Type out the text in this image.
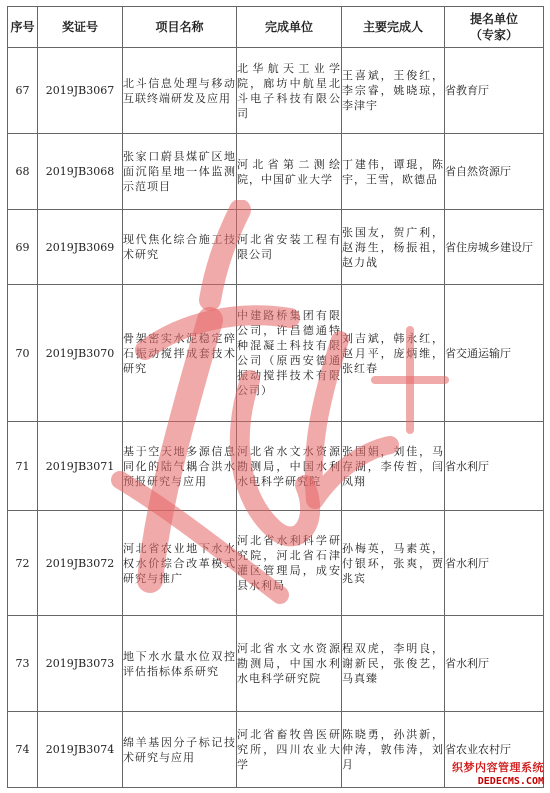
序号	奖证号	项目名称	完成单位	主要完成人	提名单位
（专家）

67	2019JB3067	北斗信息处理与移动互联终端研发及应用	北华航天工业学院，廊坊中航星北斗电子科技有限公司	王喜斌，王俊红，李宗睿，姚晓琼，李津宇	省教育厅
68	2019JB3068	张家口蔚县煤矿区地面沉陷星地一体监测示范项目	河北省第二测绘院，中国矿业大学	丁建伟，谭琨，陈宇，王雪，欧德品	省自然资源厅
69	2019JB3069	现代焦化综合施工技术研究	河北省安装工程有限公司	张国友，贺广利，赵海生，杨振祖，赵力战	省住房城乡建设厅
70	2019JB3070	骨架密实水泥稳定碎石振动搅拌成套技术研究	中建路桥集团有限公司，许昌德通特种混凝土科技有限公司（原西安德通振动搅拌技术有限公司）	刘吉斌，韩永红，赵月平，庞炳维，张红春	省交通运输厅
71	2019JB3071	基于空天地多源信息同化的陆气耦合洪水预报研究与应用	河北省水文水资源勘测局，中国水利水电科学研究院	张国娟，刘佳，马存湖，李传哲，闫凤翔	省水利厅
72	2019JB3072	河北省农业地下水水权水价综合改革模式研究与推广	河北省水利科学研究院，河北省石津灌区管理局，成安县水利局	孙梅英，马素英，付银环，张爽，贾兆宾	省水利厅
73	2019JB3073	地下水水量水位双控评估指标体系研究	河北省水文水资源勘测局，中国水利水电科学研究院	程双虎，李明良，谢新民，张俊艺，马真臻	省水利厅
74	2019JB3074	绵羊基因分子标记技术研究与应用	河北省畜牧兽医研究所，四川农业大学	陈晓勇，孙洪新，仲涛，敦伟涛，刘月	省农业农村厅
织梦内容管理系统
DEDECMS.COM
